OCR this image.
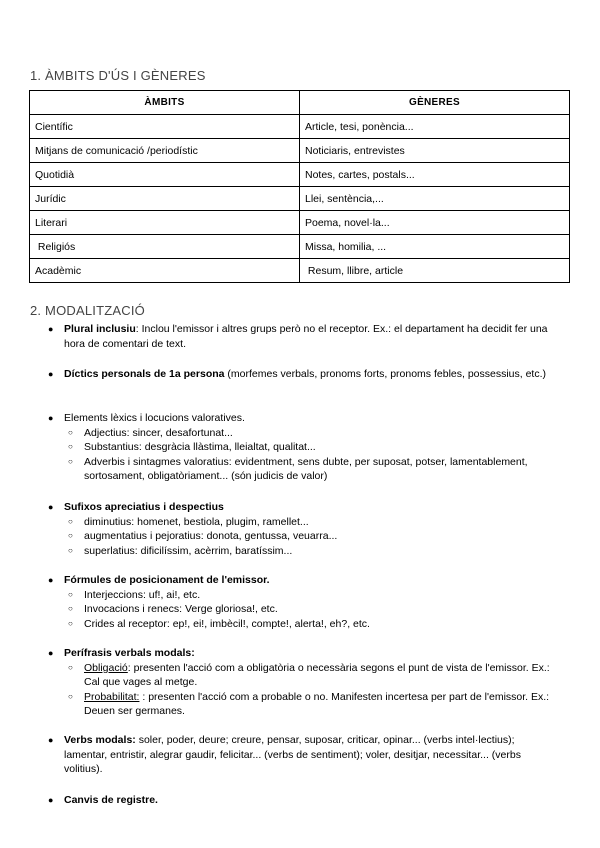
1. ÀMBITS D'ÚS I GÈNERES
ÀMBITS	GÈNERES
Científic	Article, tesi, ponència...
Mitjans de comunicació /periodístic	Noticiaris, entrevistes
Quotidià	Notes, cartes, postals...
Jurídic	Llei, sentència,...
Literari	Poema, novel·la...
Religiós	Missa, homilia, ...
Acadèmic	Resum, llibre, article
2. MODALITZACIÓ
● Plural inclusiu: Inclou l'emissor i altres grups però no el receptor. Ex.: el departament ha decidit fer una hora de comentari de text.
● Díctics personals de 1a persona (morfemes verbals, pronoms forts, pronoms febles, possessius, etc.)
● Elements lèxics i locucions valoratives.
○ Adjectius: sincer, desafortunat...
○ Substantius: desgràcia llàstima, lleialtat, qualitat...
○ Adverbis i sintagmes valoratius: evidentment, sens dubte, per suposat, potser, lamentablement, sortosament, obligatòriament... (són judicis de valor)
● Sufixos apreciatius i despectius
○ diminutius: homenet, bestiola, plugim, ramellet...
○ augmentatius i pejoratius: donota, gentussa, veuarra...
○ superlatius: dificilíssim, acèrrim, baratíssim...
● Fórmules de posicionament de l'emissor.
○ Interjeccions: uf!, ai!, etc.
○ Invocacions i renecs: Verge gloriosa!, etc.
○ Crides al receptor: ep!, ei!, imbècil!, compte!, alerta!, eh?, etc.
● Perífrasis verbals modals:
○ Obligació: presenten l'acció com a obligatòria o necessària segons el punt de vista de l'emissor. Ex.: Cal que vages al metge.
○ Probabilitat: : presenten l'acció com a probable o no. Manifesten incertesa per part de l'emissor. Ex.: Deuen ser germanes.
● Verbs modals: soler, poder, deure; creure, pensar, suposar, criticar, opinar... (verbs intel·lectius); lamentar, entristir, alegrar gaudir, felicitar... (verbs de sentiment); voler, desitjar, necessitar... (verbs volitius).
● Canvis de registre.
